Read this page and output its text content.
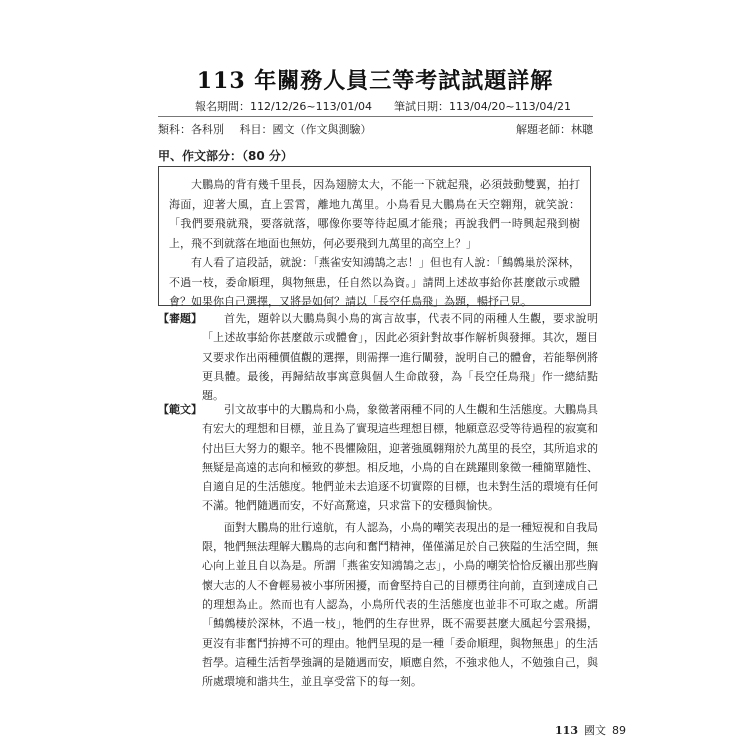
113 年關務人員三等考試試題詳解
報名期間：112/12/26~113/01/04 筆試日期：113/04/20~113/04/21
類科：各科別 科目：國文（作文與測驗）	解題老師：林聰
甲、作文部分：（80 分）

大鵬鳥的背有幾千里長，因為翅膀太大，不能一下就起飛，必須鼓動雙翼，拍打海面，迎著大風，直上雲霄，離地九萬里。小鳥看見大鵬鳥在天空翱翔，就笑說：「我們要飛就飛，要落就落，哪像你要等待起風才能飛；再說我們一時興起飛到樹上，飛不到就落在地面也無妨，何必要飛到九萬里的高空上？」

有人看了這段話，就說：「燕雀安知鴻鵠之志！」但也有人說：「鷦鷯巢於深林，不過一枝，委命順理，與物無患，任自然以為資。」請問上述故事給你甚麼啟示或體會？如果你自己選擇，又將是如何？請以「長空任鳥飛」為題，暢抒己見。

【審題】	首先，題幹以大鵬鳥與小鳥的寓言故事，代表不同的兩種人生觀，要求說明「上述故事給你甚麼啟示或體會」，因此必須針對故事作解析與發揮。其次，題目又要求作出兩種價值觀的選擇，則需擇一進行闡發，說明自己的體會，若能舉例將更具體。最後，再歸結故事寓意與個人生命啟發，為「長空任鳥飛」作一總結點題。

【範文】	引文故事中的大鵬鳥和小鳥，象徵著兩種不同的人生觀和生活態度。大鵬鳥具有宏大的理想和目標，並且為了實現這些理想目標，牠願意忍受等待過程的寂寞和付出巨大努力的艱辛。牠不畏懼險阻，迎著強風翱翔於九萬里的長空，其所追求的無疑是高遠的志向和極致的夢想。相反地，小鳥的自在跳躍則象徵一種簡單隨性、自適自足的生活態度。牠們並未去追逐不切實際的目標，也未對生活的環境有任何不滿。牠們隨遇而安，不好高騖遠，只求當下的安穩與愉快。

面對大鵬鳥的壯行遠航，有人認為，小鳥的嘲笑表現出的是一種短視和自我局限，牠們無法理解大鵬鳥的志向和奮鬥精神，僅僅滿足於自己狹隘的生活空間，無心向上並且自以為是。所謂「燕雀安知鴻鵠之志」，小鳥的嘲笑恰恰反襯出那些胸懷大志的人不會輕易被小事所困擾，而會堅持自己的目標勇往向前，直到達成自己的理想為止。然而也有人認為，小鳥所代表的生活態度也並非不可取之處。所謂「鷦鷯棲於深林，不過一枝」，牠們的生存世界，既不需要甚麼大風起兮雲飛揚，更沒有非奮鬥拚搏不可的理由。牠們呈現的是一種「委命順理，與物無患」的生活哲學。這種生活哲學強調的是隨遇而安，順應自然，不強求他人，不勉強自己，與所處環境和諧共生，並且享受當下的每一刻。

113 國文 89
